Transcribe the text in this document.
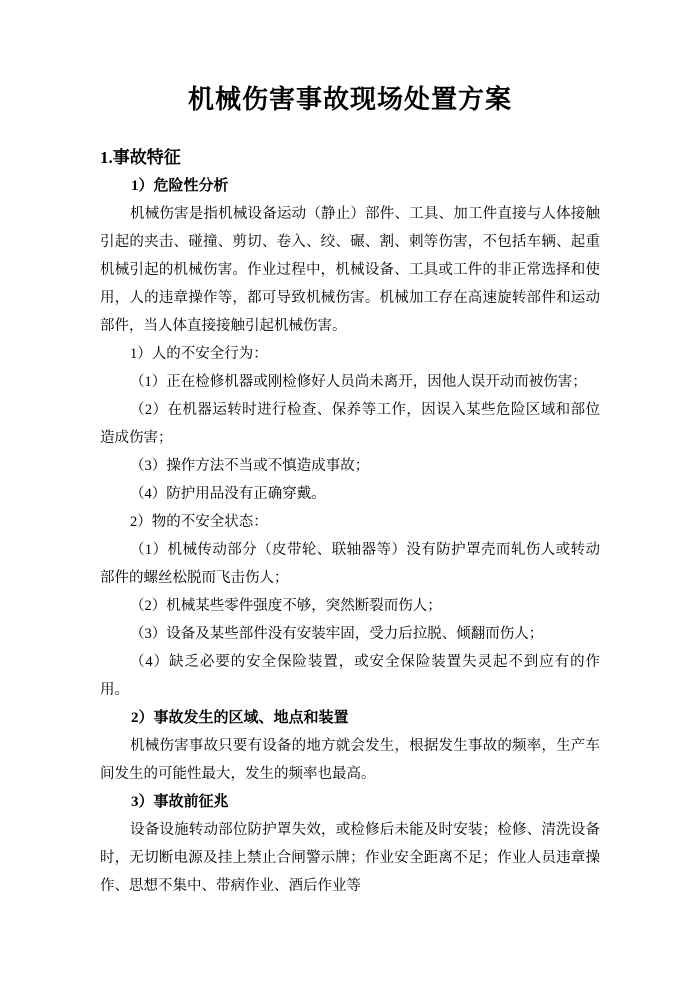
机械伤害事故现场处置方案
1.事故特征

1）危险性分析

机械伤害是指机械设备运动（静止）部件、工具、加工件直接与人体接触引起的夹击、碰撞、剪切、卷入、绞、碾、割、刺等伤害，不包括车辆、起重机械引起的机械伤害。作业过程中，机械设备、工具或工件的非正常选择和使用，人的违章操作等，都可导致机械伤害。机械加工存在高速旋转部件和运动部件，当人体直接接触引起机械伤害。

1）人的不安全行为：

（1）正在检修机器或刚检修好人员尚未离开，因他人误开动而被伤害；

（2）在机器运转时进行检查、保养等工作，因误入某些危险区域和部位造成伤害；

（3）操作方法不当或不慎造成事故；

（4）防护用品没有正确穿戴。

2）物的不安全状态：

（1）机械传动部分（皮带轮、联轴器等）没有防护罩壳而轧伤人或转动部件的螺丝松脱而飞击伤人；

（2）机械某些零件强度不够，突然断裂而伤人；

（3）设备及某些部件没有安装牢固，受力后拉脱、倾翻而伤人；

（4）缺乏必要的安全保险装置，或安全保险装置失灵起不到应有的作用。

2）事故发生的区域、地点和装置

机械伤害事故只要有设备的地方就会发生，根据发生事故的频率，生产车间发生的可能性最大，发生的频率也最高。

3）事故前征兆

设备设施转动部位防护罩失效，或检修后未能及时安装；检修、清洗设备时，无切断电源及挂上禁止合闸警示牌；作业安全距离不足；作业人员违章操作、思想不集中、带病作业、酒后作业等
